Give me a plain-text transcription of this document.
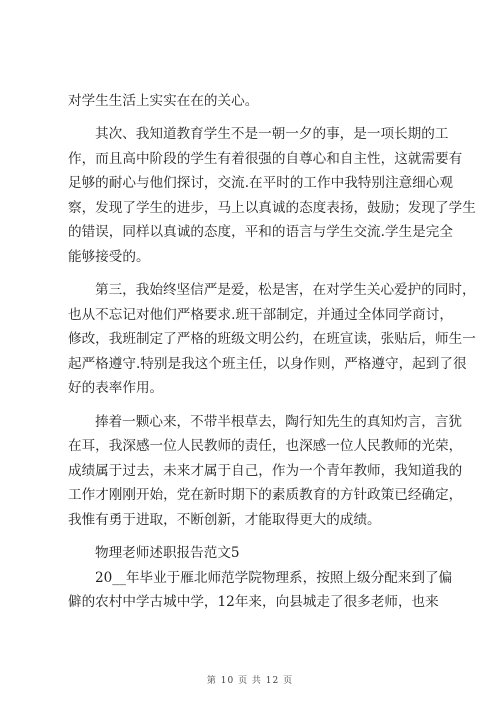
对学生生活上实实在在的关心。
其次、我知道教育学生不是一朝一夕的事，是一项长期的工
作，而且高中阶段的学生有着很强的自尊心和自主性，这就需要有
足够的耐心与他们探讨，交流.在平时的工作中我特别注意细心观
察，发现了学生的进步，马上以真诚的态度表扬，鼓励；发现了学生
的错误，同样以真诚的态度，平和的语言与学生交流.学生是完全
能够接受的。
第三，我始终坚信严是爱，松是害，在对学生关心爱护的同时，
也从不忘记对他们严格要求.班干部制定，并通过全体同学商讨，
修改，我班制定了严格的班级文明公约，在班宣读，张贴后，师生一
起严格遵守.特别是我这个班主任，以身作则，严格遵守，起到了很
好的表率作用。
捧着一颗心来，不带半根草去，陶行知先生的真知灼言，言犹
在耳，我深感一位人民教师的责任，也深感一位人民教师的光荣，
成绩属于过去，未来才属于自己，作为一个青年教师，我知道我的
工作才刚刚开始，党在新时期下的素质教育的方针政策已经确定，
我惟有勇于进取，不断创新，才能取得更大的成绩。
物理老师述职报告范文5
20__年毕业于雁北师范学院物理系，按照上级分配来到了偏
僻的农村中学古城中学，12年来，向县城走了很多老师，也来
第 10 页 共 12 页
